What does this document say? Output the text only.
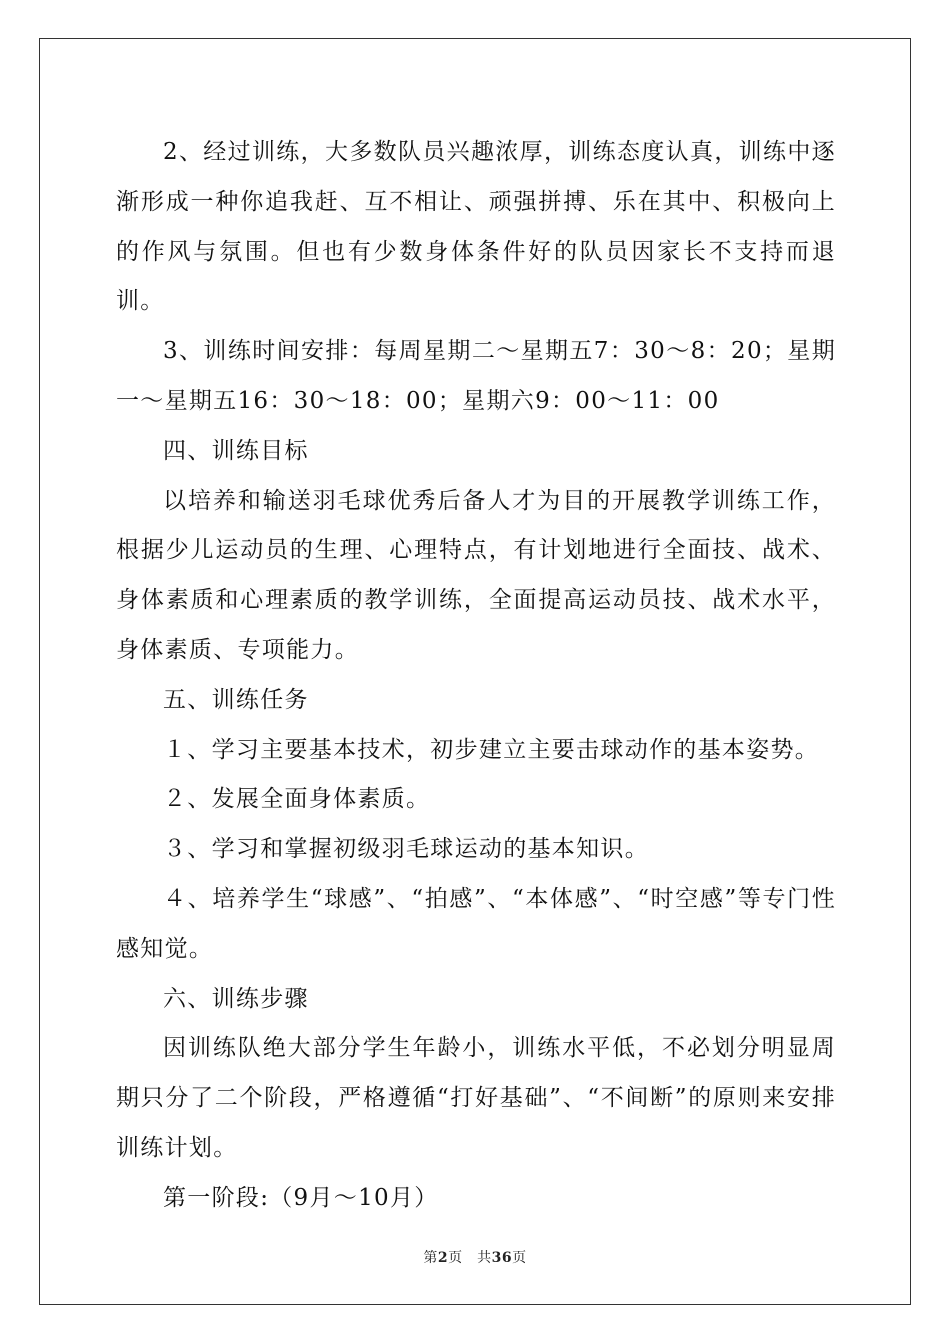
2、经过训练，大多数队员兴趣浓厚，训练态度认真，训练中逐渐形成一种你追我赶、互不相让、顽强拼搏、乐在其中、积极向上的作风与氛围。但也有少数身体条件好的队员因家长不支持而退训。

3、训练时间安排：每周星期二～星期五7：30～8：20；星期一～星期五16：30～18：00；星期六9：00～11：00

四、训练目标

以培养和输送羽毛球优秀后备人才为目的开展教学训练工作，根据少儿运动员的生理、心理特点，有计划地进行全面技、战术、身体素质和心理素质的教学训练，全面提高运动员技、战术水平，身体素质、专项能力。

五、训练任务

１、学习主要基本技术，初步建立主要击球动作的基本姿势。

２、发展全面身体素质。

３、学习和掌握初级羽毛球运动的基本知识。

４、培养学生“球感”、“拍感”、“本体感”、“时空感”等专门性感知觉。

六、训练步骤

因训练队绝大部分学生年龄小，训练水平低，不必划分明显周期只分了二个阶段，严格遵循“打好基础”、“不间断”的原则来安排训练计划。

第一阶段:（9月～10月）

第2页　共36页
